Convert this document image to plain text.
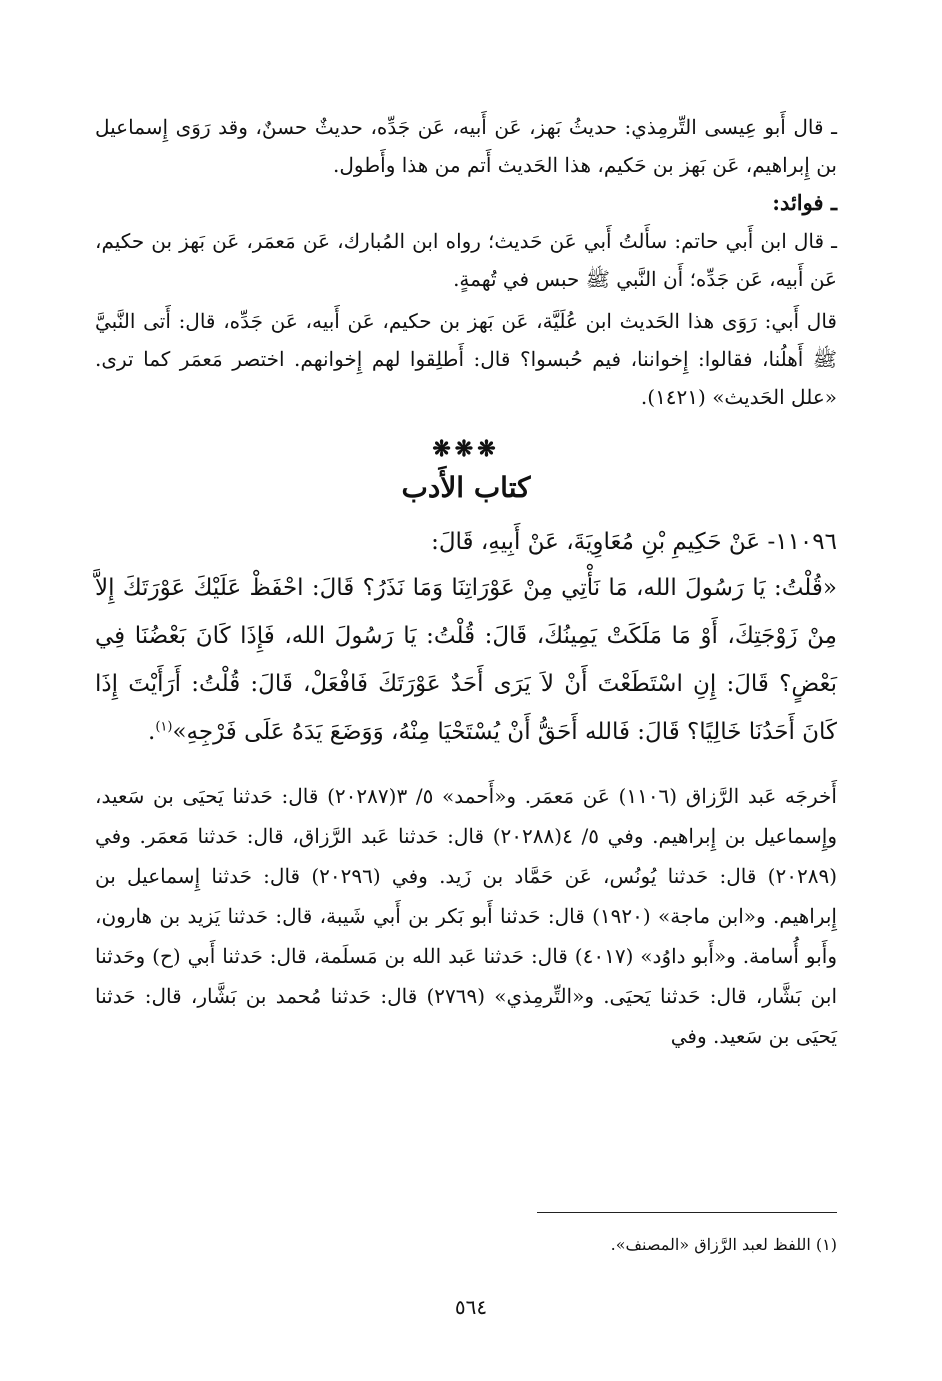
ـ قال أَبو عِيسى التِّرمِذي: حديثُ بَهز، عَن أَبيه، عَن جَدِّه، حديثٌ حسنٌ، وقد رَوَى إِسماعيل بن إِبراهيم، عَن بَهز بن حَكيم، هذا الحَديث أَتم من هذا وأَطول.

ـ فوائد:

ـ قال ابن أَبي حاتم: سأَلتُ أَبي عَن حَديث؛ رواه ابن المُبارك، عَن مَعمَر، عَن بَهز بن حكيم، عَن أَبيه، عَن جَدِّه؛ أَن النَّبي ﷺ حبس في تُهمةٍ.

قال أَبي: رَوَى هذا الحَديث ابن عُلَيَّة، عَن بَهز بن حكيم، عَن أَبيه، عَن جَدِّه، قال: أَتى النَّبيَّ ﷺ أَهلُنا، فقالوا: إِخواننا، فيم حُبسوا؟ قال: أَطلِقوا لهم إِخوانهم. اختصر مَعمَر كما ترى. «علل الحَديث» (١٤٢١).

❋❋❋
كتاب الأَدب

١١٠٩٦- عَنْ حَكِيمِ بْنِ مُعَاوِيَةَ، عَنْ أَبِيهِ، قَالَ:

«قُلْتُ: يَا رَسُولَ الله، مَا نَأْتِي مِنْ عَوْرَاتِنَا وَمَا نَذَرُ؟ قَالَ: احْفَظْ عَلَيْكَ عَوْرَتَكَ إِلاَّ مِنْ زَوْجَتِكَ، أَوْ مَا مَلَكَتْ يَمِينُكَ، قَالَ: قُلْتُ: يَا رَسُولَ الله، فَإِذَا كَانَ بَعْضُنَا فِي بَعْضٍ؟ قَالَ: إِنِ اسْتَطَعْتَ أَنْ لاَ يَرَى أَحَدٌ عَوْرَتَكَ فَافْعَلْ، قَالَ: قُلْتُ: أَرَأَيْتَ إِذَا كَانَ أَحَدُنَا خَالِيًا؟ قَالَ: فَالله أَحَقُّ أَنْ يُسْتَحْيَا مِنْهُ، وَوَضَعَ يَدَهُ عَلَى فَرْجِهِ»$^{(١)}$.

أَخرجَه عَبد الرَّزاق (١١٠٦) عَن مَعمَر. و«أَحمد» ٥/ ٣(٢٠٢٨٧) قال: حَدثنا يَحيَى بن سَعيد، وإِسماعيل بن إِبراهيم. وفي ٥/ ٤(٢٠٢٨٨) قال: حَدثنا عَبد الرَّزاق، قال: حَدثنا مَعمَر. وفي (٢٠٢٨٩) قال: حَدثنا يُونُس، عَن حَمَّاد بن زَيد. وفي (٢٠٢٩٦) قال: حَدثنا إِسماعيل بن إِبراهيم. و«ابن ماجة» (١٩٢٠) قال: حَدثنا أَبو بَكر بن أَبي شَيبة، قال: حَدثنا يَزيد بن هارون، وأَبو أُسامة. و«أَبو داوُد» (٤٠١٧) قال: حَدثنا عَبد الله بن مَسلَمة، قال: حَدثنا أَبي (ح) وحَدثنا ابن بَشَّار، قال: حَدثنا يَحيَى. و«التِّرمِذي» (٢٧٦٩) قال: حَدثنا مُحمد بن بَشَّار، قال: حَدثنا يَحيَى بن سَعيد. وفي

(١) اللفظ لعبد الرَّزاق «المصنف».

٥٦٤
